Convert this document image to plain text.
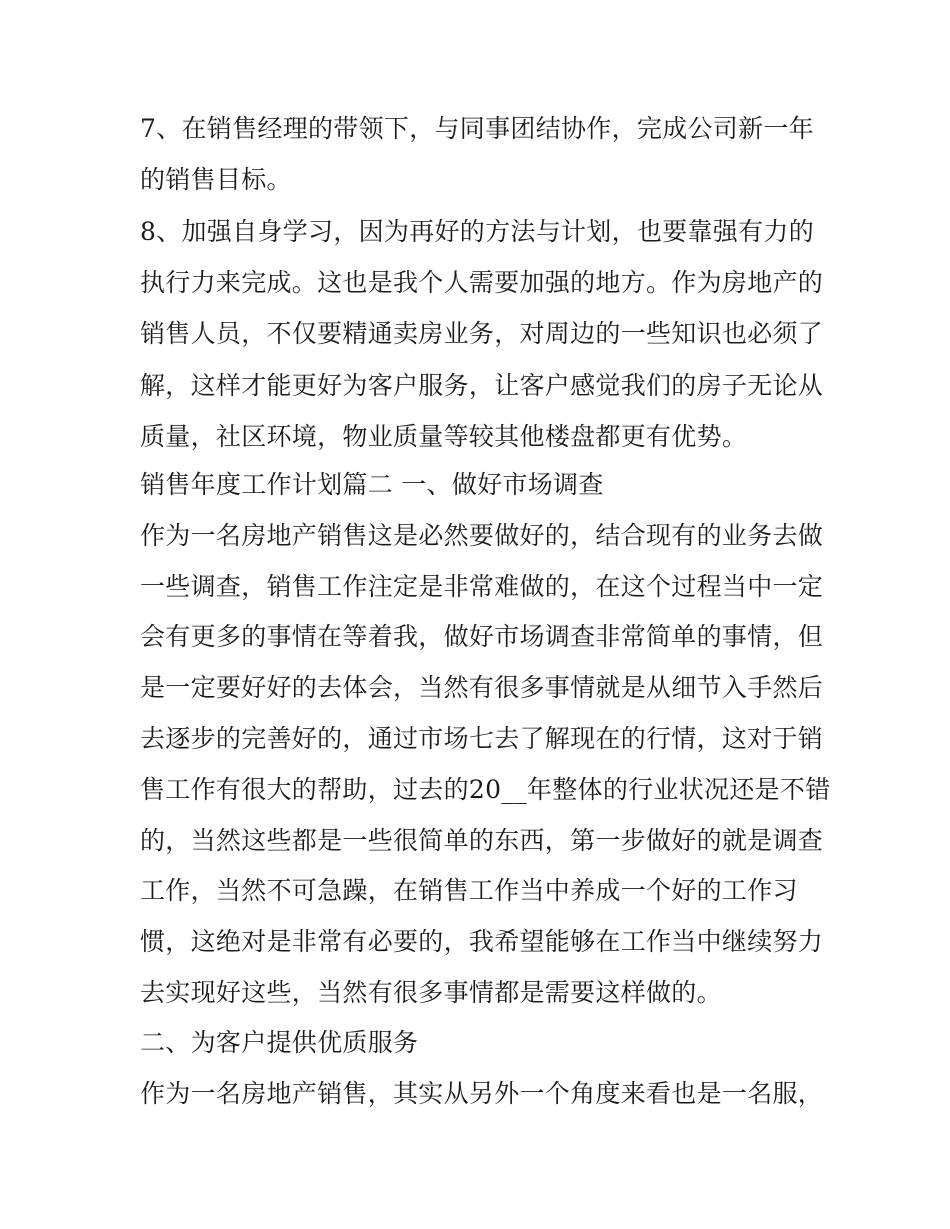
7、在销售经理的带领下，与同事团结协作，完成公司新一年
的销售目标。
8、加强自身学习，因为再好的方法与计划，也要靠强有力的
执行力来完成。这也是我个人需要加强的地方。作为房地产的
销售人员，不仅要精通卖房业务，对周边的一些知识也必须了
解，这样才能更好为客户服务，让客户感觉我们的房子无论从
质量，社区环境，物业质量等较其他楼盘都更有优势。
销售年度工作计划篇二 一、做好市场调查
作为一名房地产销售这是必然要做好的，结合现有的业务去做
一些调查，销售工作注定是非常难做的，在这个过程当中一定
会有更多的事情在等着我，做好市场调查非常简单的事情，但
是一定要好好的去体会，当然有很多事情就是从细节入手然后
去逐步的完善好的，通过市场七去了解现在的行情，这对于销
售工作有很大的帮助，过去的20__年整体的行业状况还是不错
的，当然这些都是一些很简单的东西，第一步做好的就是调查
工作，当然不可急躁，在销售工作当中养成一个好的工作习
惯，这绝对是非常有必要的，我希望能够在工作当中继续努力
去实现好这些，当然有很多事情都是需要这样做的。
二、为客户提供优质服务
作为一名房地产销售，其实从另外一个角度来看也是一名服，
